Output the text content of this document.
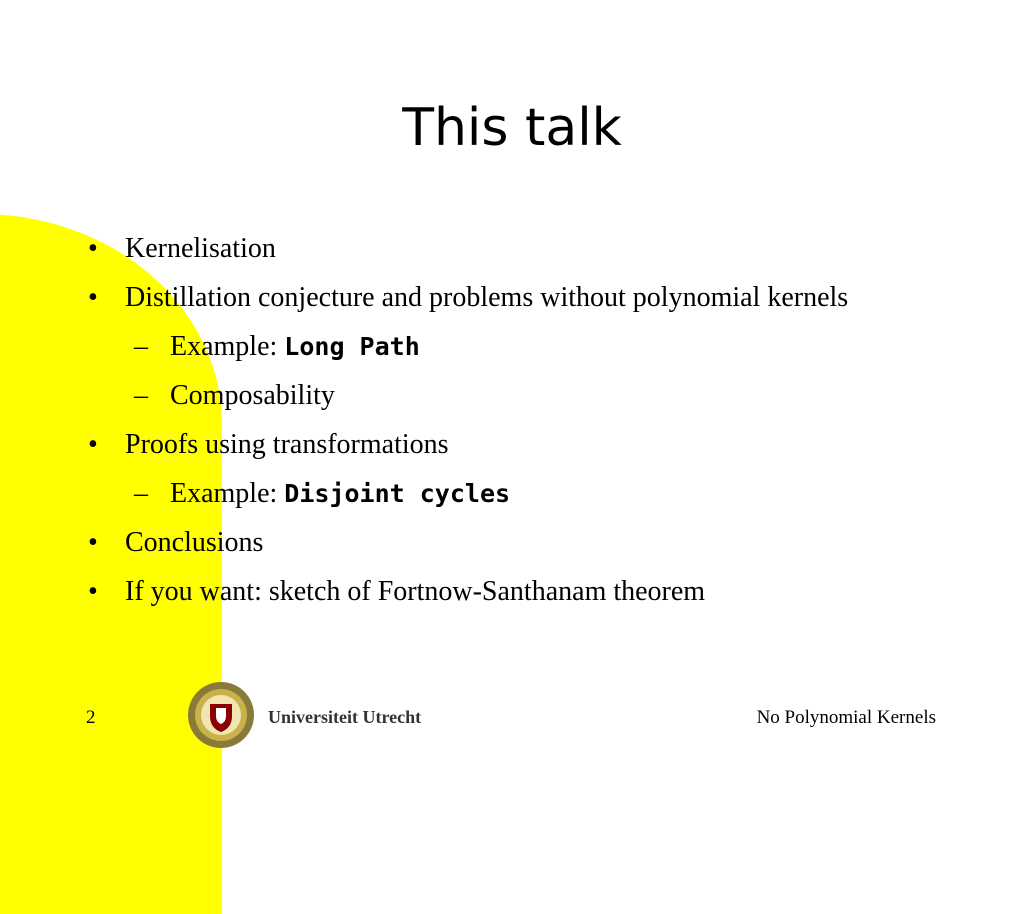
This talk
• Kernelisation
• Distillation conjecture and problems without polynomial kernels
– Example: Long Path
– Composability
• Proofs using transformations
– Example: Disjoint cycles
• Conclusions
• If you want: sketch of Fortnow-Santhanam theorem
2	Universiteit Utrecht	No Polynomial Kernels
